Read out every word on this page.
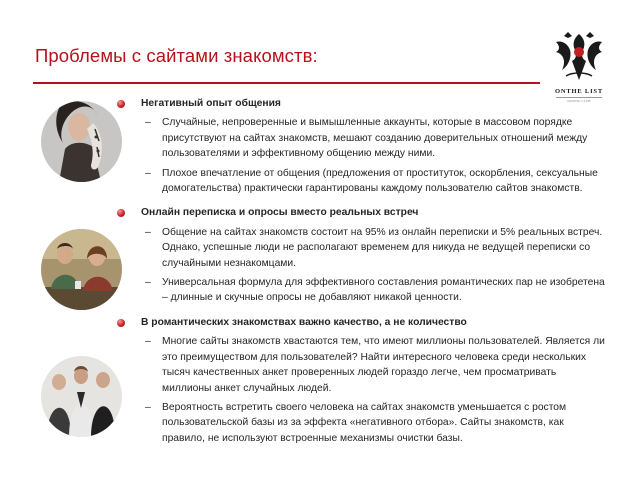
Проблемы с сайтами знакомств:
ONTHE LIST
DATING CLUB
Негативный опыт общения
– Случайные, непроверенные и вымышленные аккаунты, которые в массовом порядке присутствуют на сайтах знакомств, мешают созданию доверительных отношений между пользователями и эффективному общению между ними.
– Плохое впечатление от общения (предложения от проституток, оскорбления, сексуальные домогательства) практически гарантированы каждому пользователю сайтов знакомств.
Онлайн переписка и опросы вместо реальных встреч
– Общение на сайтах знакомств состоит на 95% из онлайн переписки и 5% реальных встреч. Однако, успешные люди не располагают временем для никуда не ведущей переписки со случайными незнакомцами.
– Универсальная формула для эффективного составления романтических пар не изобретена – длинные и скучные опросы не добавляют никакой ценности.
В романтических знакомствах важно качество, а не количество
– Многие сайты знакомств хвастаются тем, что имеют миллионы пользователей. Является ли это преимуществом для пользователей? Найти интересного человека среди нескольких тысяч качественных анкет проверенных людей гораздо легче, чем просматривать миллионы анкет случайных людей.
– Вероятность встретить своего человека на сайтах знакомств уменьшается с ростом пользовательской базы из за эффекта «негативного отбора». Сайты знакомств, как правило, не используют встроенные механизмы очистки базы.
